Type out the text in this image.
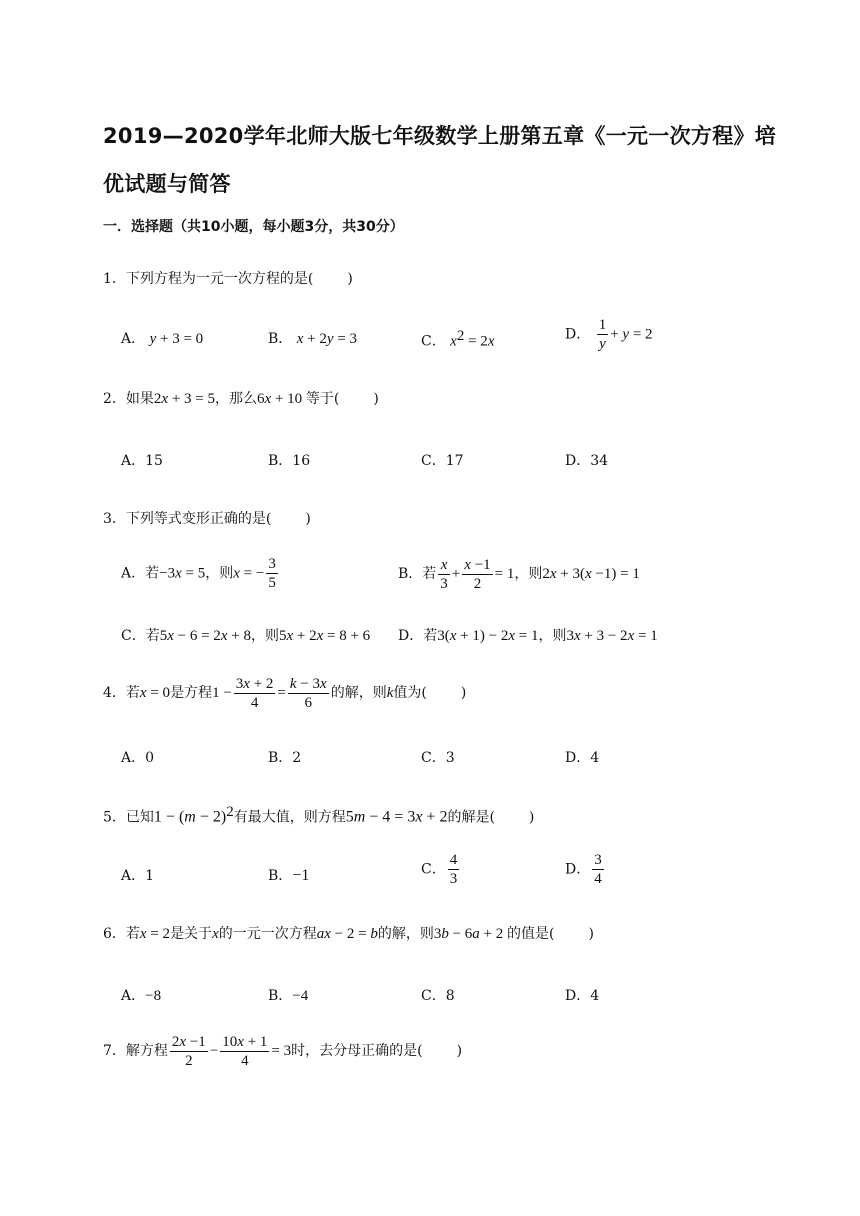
2019—2020学年北师大版七年级数学上册第五章《一元一次方程》培优试题与简答
一．选择题（共10小题，每小题3分，共30分）
1．下列方程为一元一次方程的是( )
A． y + 3 = 0	B． x + 2y = 3	C． $x^2 = 2x$	D． $\frac{1}{y} + y = 2$
2．如果2x + 3 = 5，那么6x + 10 等于( )
A．15	B．16	C．17	D．34
3．下列等式变形正确的是( )
A．若−3x = 5，则x = − $\frac{3}{5}$	B．若 $\frac{x}{3} + \frac{x -1}{2} = 1$，则2x + 3(x −1) = 1
C．若5x − 6 = 2x + 8，则5x + 2x = 8 + 6 D．若3(x + 1) − 2x = 1，则3x + 3 − 2x = 1
4．若x = 0是方程$1 - \frac{3x + 2}{4} = \frac{k - 3x}{6}$ 的解，则k值为( )
A．0	B．2	C．3	D．4
5．已知$1 - (m - 2)^2$有最大值，则方程5m − 4 = 3x + 2的解是( )
A．1	B．−1	C． $\frac{4}{3}$	D． $\frac{3}{4}$
6．若x = 2是关于x的一元一次方程ax − 2 = b的解，则3b − 6a + 2 的值是( )
A．−8	B．−4	C．8	D．4
7．解方程 $\frac{2x -1}{2} - \frac{10x + 1}{4} = 3$时，去分母正确的是( )
